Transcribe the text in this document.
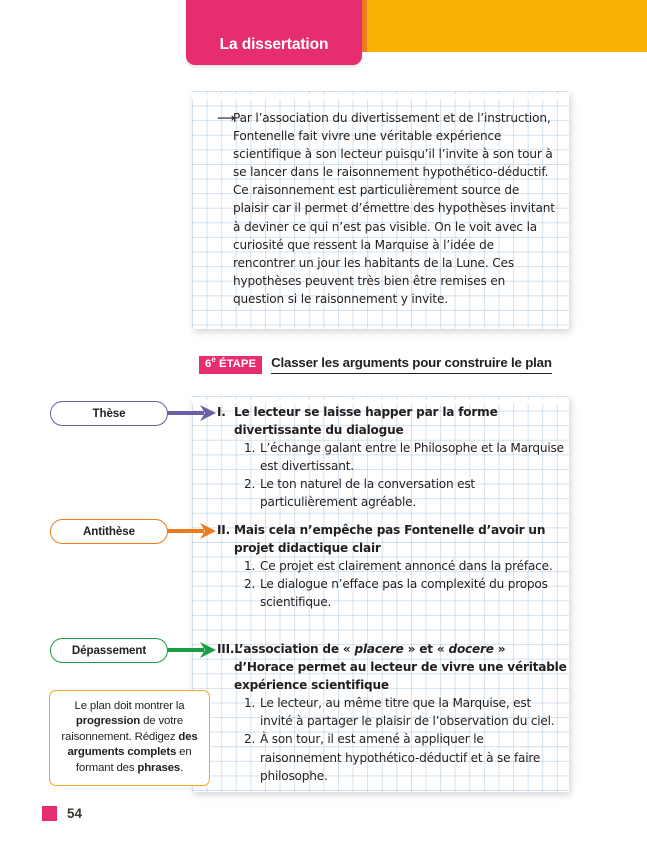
La dissertation
⟶

Par l’association du divertissement et de l’instruction, Fontenelle fait vivre une véritable expérience scientifique à son lecteur puisqu’il l’invite à son tour à se lancer dans le raisonnement hypothético-déductif. Ce raisonnement est particulièrement source de plaisir car il permet d’émettre des hypothèses invitant à deviner ce qui n’est pas visible. On le voit avec la curiosité que ressent la Marquise à l’idée de rencontrer un jour les habitants de la Lune. Ces hypothèses peuvent très bien être remises en question si le raisonnement y invite.

6e ÉTAPE	Classer les arguments pour construire le plan
Thèse
Antithèse
Dépassement

I. Le lecteur se laisse happer par la forme divertissante du dialogue

1. L’échange galant entre le Philosophe et la Marquise est divertissant.
2. Le ton naturel de la conversation est particulièrement agréable.

II. Mais cela n’empêche pas Fontenelle d’avoir un projet didactique clair

1. Ce projet est clairement annoncé dans la préface.
2. Le dialogue n’efface pas la complexité du propos scientifique.

III.L’association de « placere » et « docere » d’Horace permet au lecteur de vivre une véritable expérience scientifique

1. Le lecteur, au même titre que la Marquise, est invité à partager le plaisir de l’observation du ciel.
2. À son tour, il est amené à appliquer le raisonnement hypothético-déductif et à se faire philosophe.
Le plan doit montrer la progression de votre raisonnement. Rédigez des arguments complets en formant des phrases.
54
